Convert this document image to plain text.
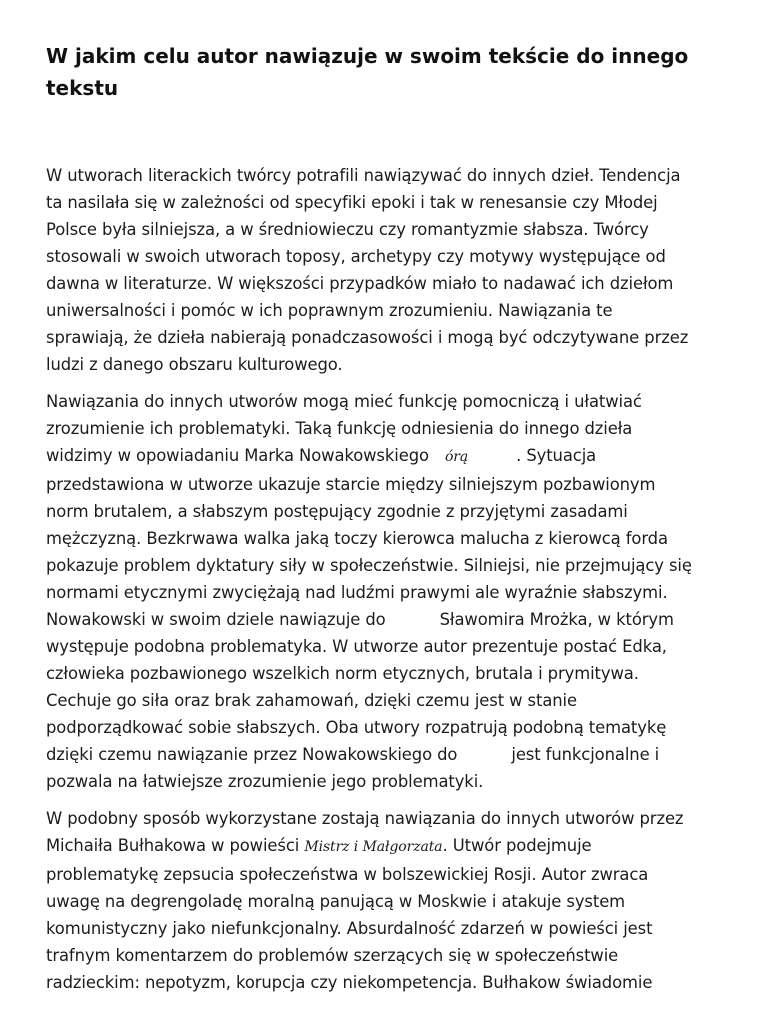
W jakim celu autor nawiązuje w swoim tekście do innego
tekstu

W utworach literackich twórcy potrafili nawiązywać do innych dzieł. Tendencja
ta nasilała się w zależności od specyfiki epoki i tak w renesansie czy Młodej
Polsce była silniejsza, a w średniowieczu czy romantyzmie słabsza. Twórcy
stosowali w swoich utworach toposy, archetypy czy motywy występujące od
dawna w literaturze. W większości przypadków miało to nadawać ich dziełom
uniwersalności i pomóc w ich poprawnym zrozumieniu. Nawiązania te
sprawiają, że dzieła nabierają ponadczasowości i mogą być odczytywane przez
ludzi z danego obszaru kulturowego.

Nawiązania do innych utworów mogą mieć funkcję pomocniczą i ułatwiać
zrozumienie ich problematyki. Taką funkcję odniesienia do innego dzieła
widzimy w opowiadaniu Marka Nowakowskiego órą	. Sytuacja
przedstawiona w utworze ukazuje starcie między silniejszym pozbawionym
norm brutalem, a słabszym postępujący zgodnie z przyjętymi zasadami
mężczyzną. Bezkrwawa walka jaką toczy kierowca malucha z kierowcą forda
pokazuje problem dyktatury siły w społeczeństwie. Silniejsi, nie przejmujący się
normami etycznymi zwyciężają nad ludźmi prawymi ale wyraźnie słabszymi.
Nowakowski w swoim dziele nawiązuje do	Sławomira Mrożka, w którym
występuje podobna problematyka. W utworze autor prezentuje postać Edka,
człowieka pozbawionego wszelkich norm etycznych, brutala i prymitywa.
Cechuje go siła oraz brak zahamowań, dzięki czemu jest w stanie
podporządkować sobie słabszych. Oba utwory rozpatrują podobną tematykę
dzięki czemu nawiązanie przez Nowakowskiego do	jest funkcjonalne i
pozwala na łatwiejsze zrozumienie jego problematyki.

W podobny sposób wykorzystane zostają nawiązania do innych utworów przez
Michaiła Bułhakowa w powieści Mistrz i Małgorzata. Utwór podejmuje
problematykę zepsucia społeczeństwa w bolszewickiej Rosji. Autor zwraca
uwagę na degrengoladę moralną panującą w Moskwie i atakuje system
komunistyczny jako niefunkcjonalny. Absurdalność zdarzeń w powieści jest
trafnym komentarzem do problemów szerzących się w społeczeństwie
radzieckim: nepotyzm, korupcja czy niekompetencja. Bułhakow świadomie
